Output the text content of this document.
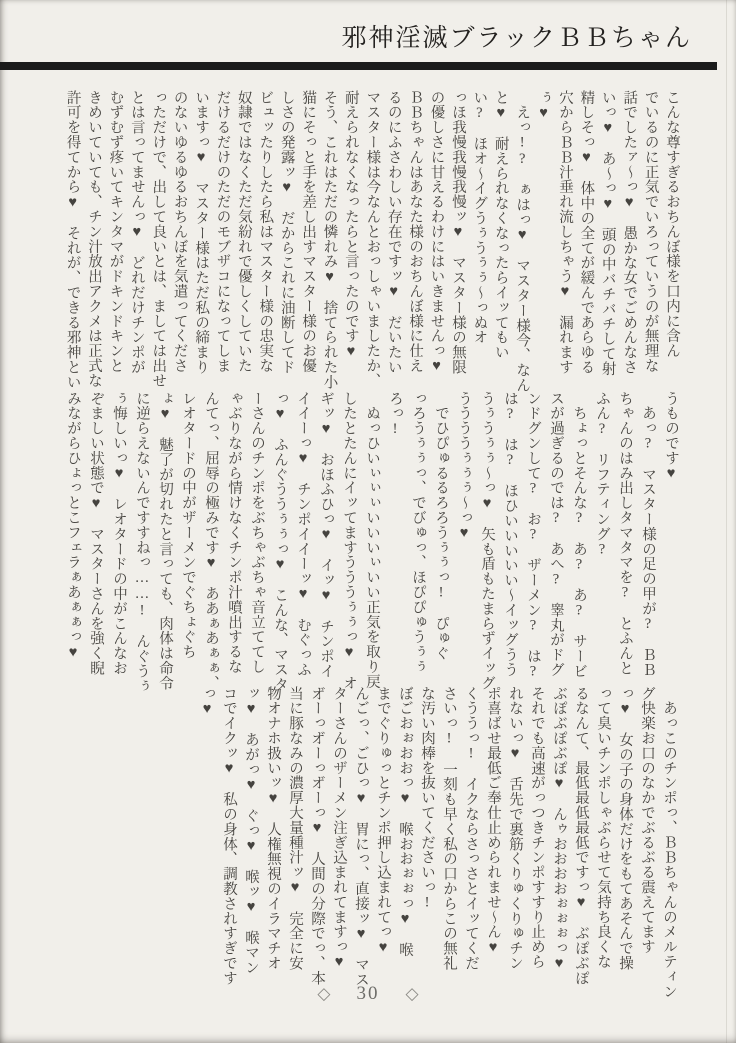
邪神淫滅ブラックＢＢちゃん
こんな尊すぎるおちんぼ様を口内に含ん
でいるのに正気でいろっていうのが無理な
話でしたァ〜っ♥　愚かな女でごめんなさ
いっ♥　あ〜っ♥　頭の中バチバチして射
精しそっ♥　体中の全てが緩んであらゆる
穴からＢＢ汁垂れ流しちゃう♥　漏れます
ぅ♥
　えっ!?　ぁはっ♥　マスター様今、なん
と♥　耐えられなくなったらイッてもい
い?　ほオ〜イグうぅうぅぅ〜っぬオ
っほ我慢我慢我慢ッ♥　マスター様の無限
の優しさに甘えるわけにはいきませんっ♥
ＢＢちゃんはあなた様のおちんぼ様に仕え
るのにふさわしい存在ですッ♥　だいたい
マスター様は今なんとおっしゃいましたか、
耐えられなくなったらと言ったのです♥
そう、これはただの憐れみ♥　捨てられた小
猫にそっと手を差し出すマスター様のお優
しさの発露ッ♥　だからこれに油断してド
ビュッたりしたら私はマスター様の忠実な
奴隷ではなくただ気紛れで優しくしていた
だけるだけのただのモブザコになってしま
いますっ♥　マスター様はただ私の締まり
のないゆるゆるおちんぼを気遣ってくださ
っただけで、出して良いとは、ましては出せ
とは言ってませんっ♥　どれだけチンポが
むずむず疼いてキンタマがドキンドキンと
きめいていても、チン汁放出アクメは正式な
許可を得てから♥　それが、できる邪神とい
うものです♥
　あっ?　マスター様の足の甲が?　ＢＢ
ちゃんのはみ出しタマタマを?　とふんと
ふん?　リフティング?
　ちょっとそんな?　あ?　あ?　サービ
スが過ぎるのでは?　あへ?　睾丸がドグ
ンドグンして?　お?　ザーメン?　は?
は?　は?　ほひいいいいい〜イッグうう
うぅうぅぅ〜っ♥　矢も盾もたまらずイッグ
ううううぅぅぅ〜っ♥
　でひぴゅるるろろうぅぅっ!　ぴゅぐ
っろうぅぅっ、でびゅっ、ほぴぴゅうぅぅ
ろっ!
　ぬっひいぃぃぃいいいぃいい正気を取り戻
したとたんにイッてますうううぅぅっ♥　オ
ギッ♥　おほふひっ♥　イッ♥　チンポイ
イイーっ♥　チンポイイーッ♥　むぐっふ
っ♥　ふんぐううぅぅっ♥　こんな、マスタ
ーさんのチンポをぶちゃぶちゃ音立ててし
ゃぶりながら情けなくチンポ汁噴出するな
んてっ、屈辱の極みです♥　ああぁあぁぁ、
レオタードの中がザーメンでぐちょぐち
ょ♥　魅了が切れたと言っても、肉体は命令
に逆らえないんですすねっ……!　んぐうぅ
ぅ悔しいっ♥　レオタードの中がこんなお
ぞましい状態で♥　マスターさんを強く睨
みながらひょっとこフェラぁあぁぁっ♥
　あっこのチンポっ、ＢＢちゃんのメルティン
グ快楽お口のなかでぶるぶる震えてます
っ♥　女の子の身体だけをもてあそんで操
って臭いチンポしゃぶらせて気持ち良くな
るなんて、最低最低最低ですっ♥　ぶぽぶぽ
ぶぽぶぽぶぽ♥　んゥおおおおぉぉぉっ♥
それでも高速がっつきチンポすすり止めら
れないっ♥　舌先で裏筋くりゅくりゅチン
ポ喜ばせ最低ご奉仕止められませ〜ん♥
くううっ!　イクならさっさとイッてくだ
さいっ!　一刻も早く私の口からこの無礼
な汚い肉棒を抜いてくださいっ!
ぼごおぉおおっ♥　喉おおぉぉっ♥　喉
までぐりゅっとチンポ押し込まれてっ♥
んごっ、ごひっ♥　胃にっ、直接ッ♥　マス
ターさんのザーメン注ぎ込まれてますっ♥
オ゙ーっオ゙ーっオ゙ーっ♥　人間の分際でっ、本
当に豚なみの濃厚大量種汁ッ♥　完全に安
物オナホ扱いッ♥　人権無視のイラマチオ
ッ♥　あがっ♥　ぐっ♥　喉ッ♥　喉マン
コでイクッ♥　私の身体、調教されすぎです
っ♥
◇ 30 ◇
